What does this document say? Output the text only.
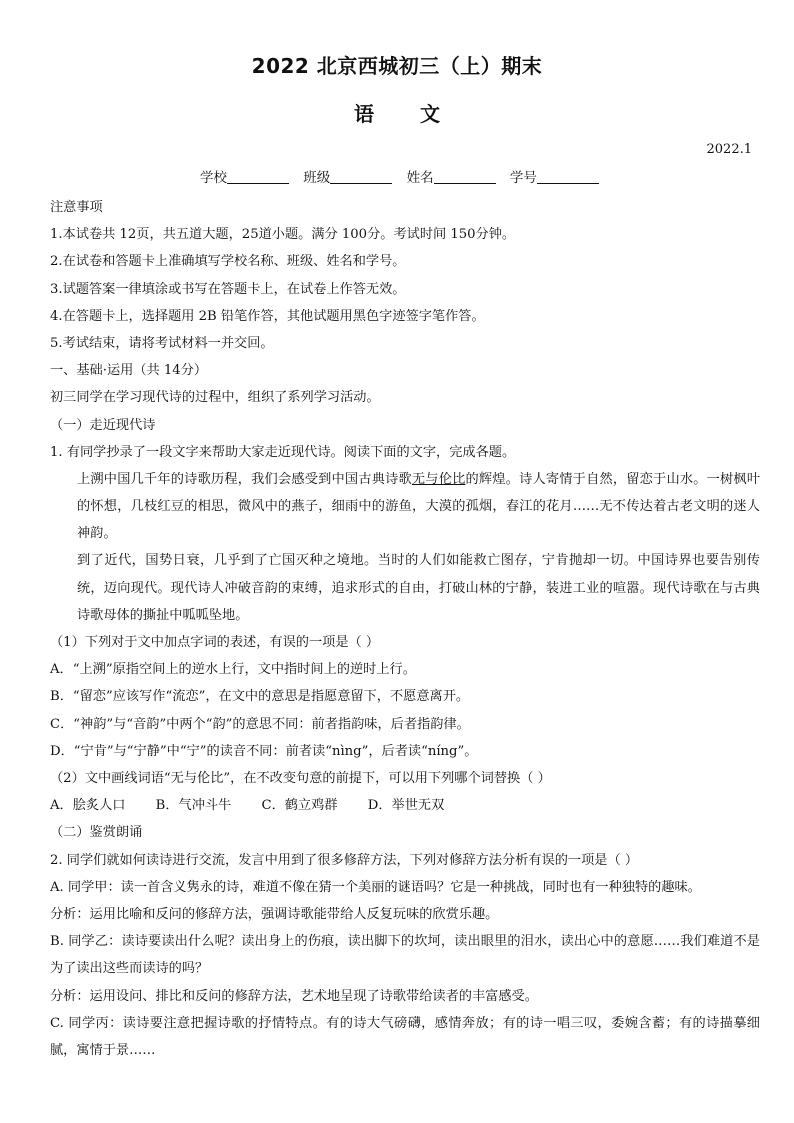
2022 北京西城初三（上）期末
语文
2022.1
学校	班级	姓名	学号
注意事项
1.本试卷共 12页，共五道大题，25道小题。满分 100分。考试时间 150分钟。
2.在试卷和答题卡上准确填写学校名称、班级、姓名和学号。
3.试题答案一律填涂或书写在答题卡上，在试卷上作答无效。
4.在答题卡上，选择题用 2B 铅笔作答，其他试题用黑色字迹签字笔作答。
5.考试结束，请将考试材料一并交回。
一、基础·运用（共 14分）
初三同学在学习现代诗的过程中，组织了系列学习活动。
（一）走近现代诗
1. 有同学抄录了一段文字来帮助大家走近现代诗。阅读下面的文字，完成各题。
上溯中国几千年的诗歌历程，我们会感受到中国古典诗歌无与伦比的辉煌。诗人寄情于自然，留恋于山水。一树枫叶的怀想，几枝红豆的相思，微风中的燕子，细雨中的游鱼，大漠的孤烟，春江的花月……无不传达着古老文明的迷人神韵。
到了近代，国势日衰，几乎到了亡国灭种之境地。当时的人们如能救亡图存，宁肯抛却一切。中国诗界也要告别传统，迈向现代。现代诗人冲破音韵的束缚，追求形式的自由，打破山林的宁静，装进工业的喧嚣。现代诗歌在与古典诗歌母体的撕扯中呱呱坠地。
（1）下列对于文中加点字词的表述，有误的一项是（ ）
A．“上溯”原指空间上的逆水上行，文中指时间上的逆时上行。
B．“留恋”应该写作“流恋”，在文中的意思是指愿意留下，不愿意离开。
C．“神韵”与“音韵”中两个“韵”的意思不同：前者指韵味，后者指韵律。
D．“宁肯”与“宁静”中“宁”的读音不同：前者读“nìng”，后者读“níng”。
（2）文中画线词语“无与伦比”，在不改变句意的前提下，可以用下列哪个词替换（ ）
A．脍炙人口 B．气冲斗牛 C．鹤立鸡群 D．举世无双
（二）鉴赏朗诵
2. 同学们就如何读诗进行交流，发言中用到了很多修辞方法，下列对修辞方法分析有误的一项是（ ）
A. 同学甲：读一首含义隽永的诗，难道不像在猜一个美丽的谜语吗？它是一种挑战，同时也有一种独特的趣味。
分析：运用比喻和反问的修辞方法，强调诗歌能带给人反复玩味的欣赏乐趣。
B. 同学乙：读诗要读出什么呢？读出身上的伤痕，读出脚下的坎坷，读出眼里的泪水，读出心中的意愿……我们难道不是为了读出这些而读诗的吗？
分析：运用设问、排比和反问的修辞方法，艺术地呈现了诗歌带给读者的丰富感受。
C. 同学丙：读诗要注意把握诗歌的抒情特点。有的诗大气磅礴，感情奔放；有的诗一唱三叹，委婉含蓄；有的诗描摹细腻，寓情于景……
